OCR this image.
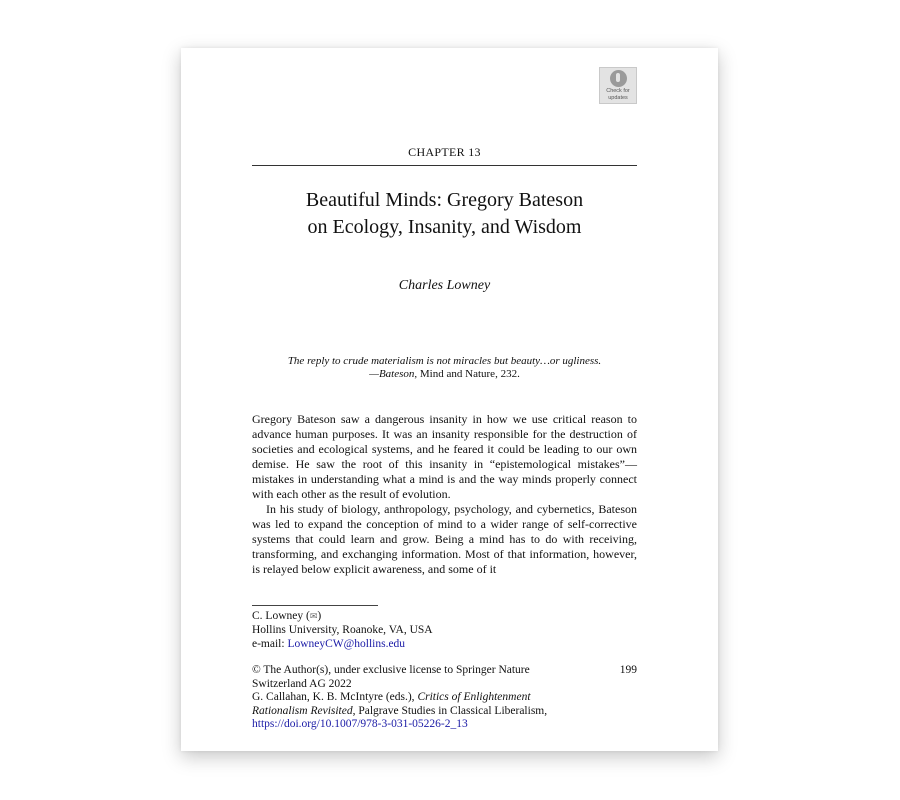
Check for
updates
CHAPTER 13
Beautiful Minds: Gregory Bateson
on Ecology, Insanity, and Wisdom
Charles Lowney
The reply to crude materialism is not miracles but beauty…or ugliness.
—Bateson, Mind and Nature, 232.

Gregory Bateson saw a dangerous insanity in how we use critical reason to advance human purposes. It was an insanity responsible for the destruction of societies and ecological systems, and he feared it could be leading to our own demise. He saw the root of this insanity in “epistemological mistakes”—mistakes in understanding what a mind is and the way minds properly connect with each other as the result of evolution.

In his study of biology, anthropology, psychology, and cybernetics, Bateson was led to expand the conception of mind to a wider range of self-corrective systems that could learn and grow. Being a mind has to do with receiving, transforming, and exchanging information. Most of that information, however, is relayed below explicit awareness, and some of it

C. Lowney (✉)
Hollins University, Roanoke, VA, USA
e-mail: LowneyCW@hollins.edu
199
© The Author(s), under exclusive license to Springer Nature
Switzerland AG 2022
G. Callahan, K. B. McIntyre (eds.), Critics of Enlightenment
Rationalism Revisited, Palgrave Studies in Classical Liberalism,
https://doi.org/10.1007/978-3-031-05226-2_13
